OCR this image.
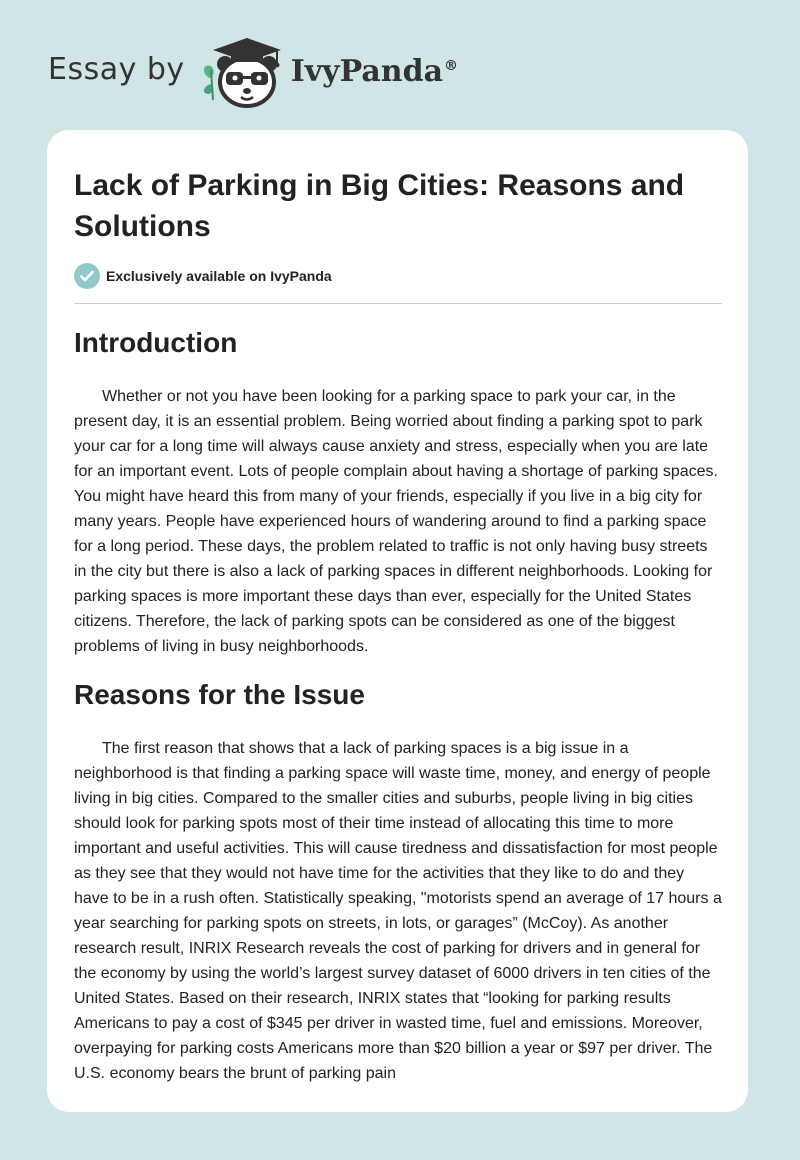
Essay by	IvyPanda®
Lack of Parking in Big Cities: Reasons and Solutions
Exclusively available on IvyPanda
Introduction

Whether or not you have been looking for a parking space to park your car, in the present day, it is an essential problem. Being worried about finding a parking spot to park your car for a long time will always cause anxiety and stress, especially when you are late for an important event. Lots of people complain about having a shortage of parking spaces. You might have heard this from many of your friends, especially if you live in a big city for many years. People have experienced hours of wandering around to find a parking space for a long period. These days, the problem related to traffic is not only having busy streets in the city but there is also a lack of parking spaces in different neighborhoods. Looking for parking spaces is more important these days than ever, especially for the United States citizens. Therefore, the lack of parking spots can be considered as one of the biggest problems of living in busy neighborhoods.

Reasons for the Issue

The first reason that shows that a lack of parking spaces is a big issue in a neighborhood is that finding a parking space will waste time, money, and energy of people living in big cities. Compared to the smaller cities and suburbs, people living in big cities should look for parking spots most of their time instead of allocating this time to more important and useful activities. This will cause tiredness and dissatisfaction for most people as they see that they would not have time for the activities that they like to do and they have to be in a rush often. Statistically speaking, "motorists spend an average of 17 hours a year searching for parking spots on streets, in lots, or garages” (McCoy). As another research result, INRIX Research reveals the cost of parking for drivers and in general for the economy by using the world’s largest survey dataset of 6000 drivers in ten cities of the United States. Based on their research, INRIX states that “looking for parking results Americans to pay a cost of $345 per driver in wasted time, fuel and emissions. Moreover, overpaying for parking costs Americans more than $20 billion a year or $97 per driver. The U.S. economy bears the brunt of parking pain
